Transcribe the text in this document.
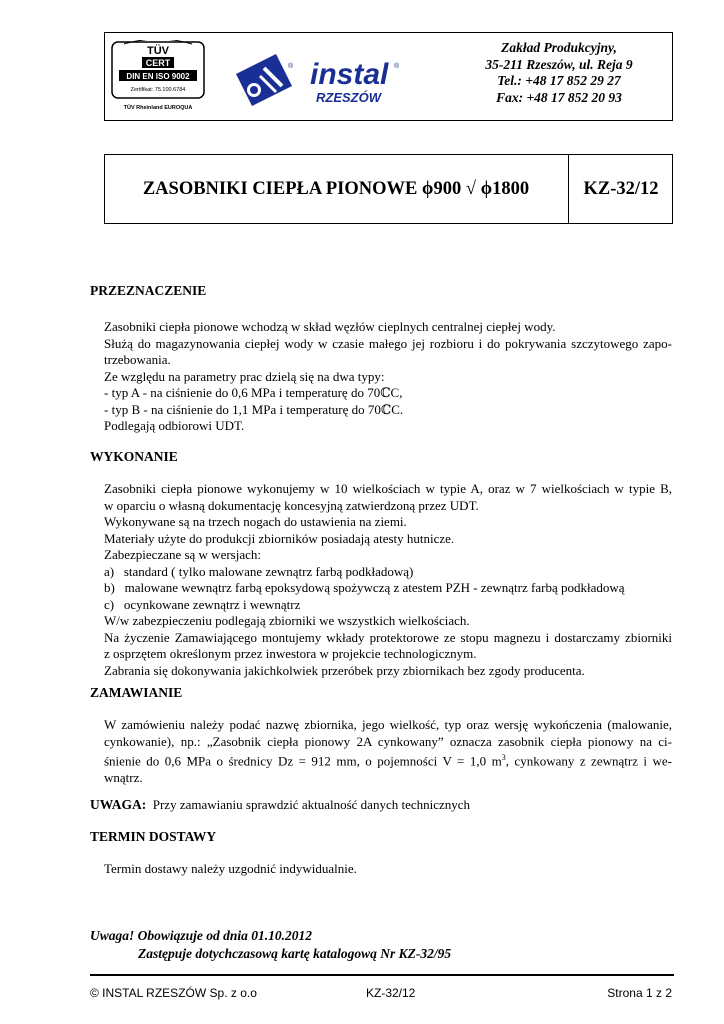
TÜV
CERT
DIN EN ISO 9002
Zertifikat: 75.100.6784
TÜV Rheinland EUROQUA
®	®
instal
RZESZÓW
Zakład Produkcyjny,
35-211 Rzeszów, ul. Reja 9
Tel.: +48 17 852 29 27
Fax: +48 17 852 20 93
ZASOBNIKI CIEPŁA PIONOWE ϕ900 √ ϕ1800	KZ-32/12
PRZEZNACZENIE
Zasobniki ciepła pionowe wchodzą w skład węzłów cieplnych centralnej ciepłej wody.
Służą do magazynowania ciepłej wody w czasie małego jej rozbioru i do pokrywania szczytowego zapo-
trzebowania.
Ze względu na parametry prac dzielą się na dwa typy:
- typ A - na ciśnienie do 0,6 MPa i temperaturę do 70ℂC,
- typ B - na ciśnienie do 1,1 MPa i temperaturę do 70ℂC.
Podlegają odbiorowi UDT.
WYKONANIE
Zasobniki ciepła pionowe wykonujemy w 10 wielkościach w typie A, oraz w 7 wielkościach w typie B,
w oparciu o własną dokumentację koncesyjną zatwierdzoną przez UDT.
Wykonywane są na trzech nogach do ustawienia na ziemi.
Materiały użyte do produkcji zbiorników posiadają atesty hutnicze.
Zabezpieczane są w wersjach:
a)   standard ( tylko malowane zewnątrz farbą podkładową)
b)   malowane wewnątrz farbą epoksydową spożywczą z atestem PZH - zewnątrz farbą podkładową
c)   ocynkowane zewnątrz i wewnątrz
W/w zabezpieczeniu podlegają zbiorniki we wszystkich wielkościach.
Na życzenie Zamawiającego montujemy wkłady protektorowe ze stopu magnezu i dostarczamy zbiorniki
z osprzętem określonym przez inwestora w projekcie technologicznym.
Zabrania się dokonywania jakichkolwiek przeróbek przy zbiornikach bez zgody producenta.
ZAMAWIANIE
W zamówieniu należy podać nazwę zbiornika, jego wielkość, typ oraz wersję wykończenia (malowanie,
cynkowanie), np.: „Zasobnik ciepła pionowy 2A cynkowany” oznacza zasobnik ciepła pionowy na ci-
śnienie do 0,6 MPa o średnicy Dz = 912 mm, o pojemności V = 1,0 $m^3$, cynkowany z zewnątrz i we-
wnątrz.
UWAGA:  Przy zamawianiu sprawdzić aktualność danych technicznych
TERMIN DOSTAWY
Termin dostawy należy uzgodnić indywidualnie.
Uwaga! Obowiązuje od dnia 01.10.2012
Zastępuje dotychczasową kartę katalogową Nr KZ-32/95
© INSTAL RZESZÓW Sp. z o.o	KZ-32/12	Strona 1 z 2
